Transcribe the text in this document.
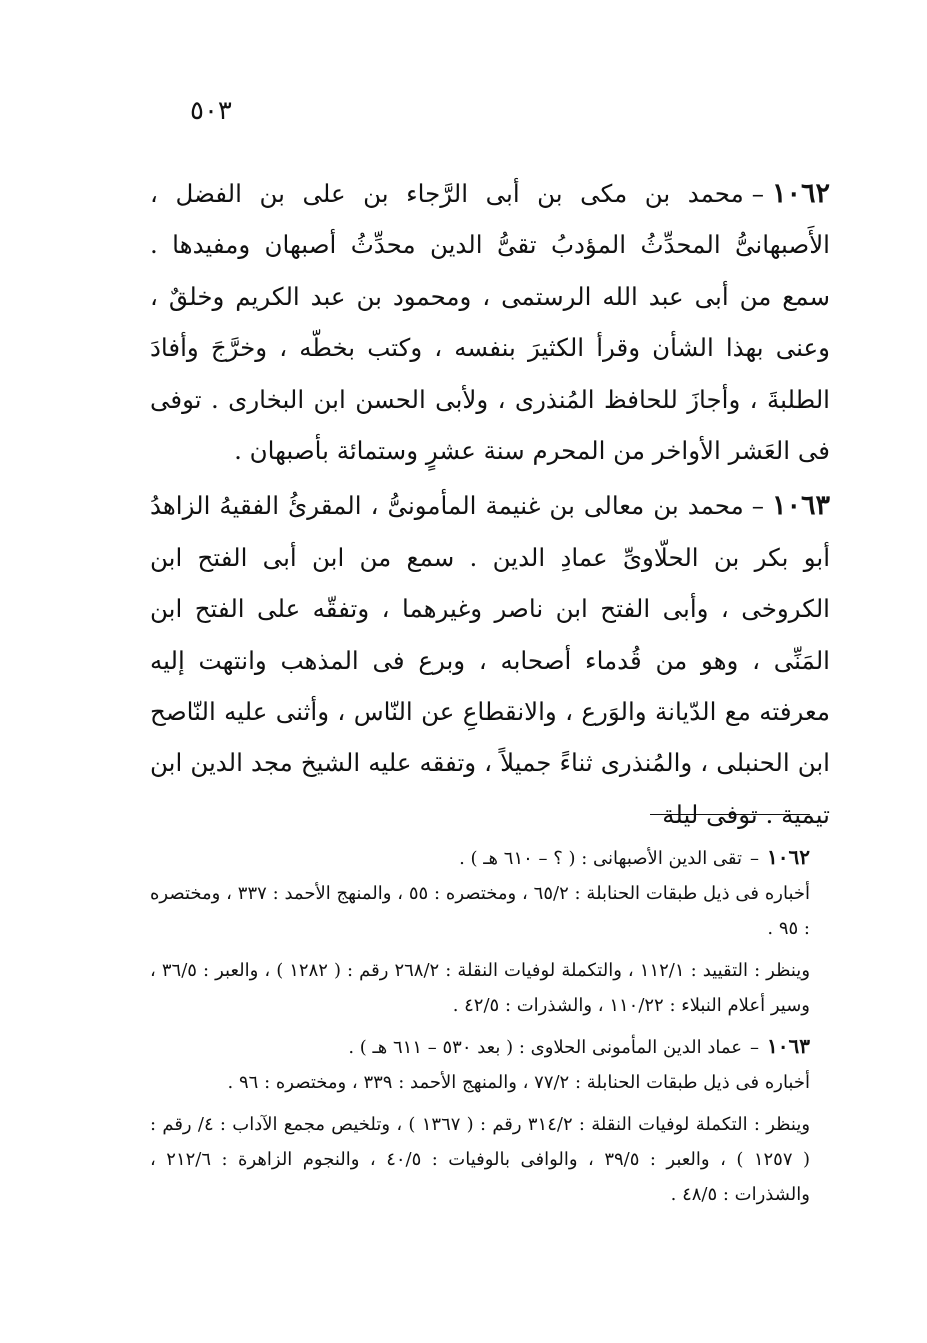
٥٠٣

١٠٦٢–محمد بن مكى بن أبى الرَّجاء بن على بن الفضل ، الأَصبهانىُّ المحدِّثُ المؤدبُ تقىُّ الدين محدِّثُ أصبهان ومفيدها . سمع من أبى عبد الله الرستمى ، ومحمود بن عبد الكريم وخلقٌ ، وعنى بهذا الشأن وقرأ الكثيرَ بنفسه ، وكتب بخطّه ، وخرَّجَ وأفادَ الطلبةَ ، وأجازَ للحافظ المُنذرى ، ولأبى الحسن ابن البخارى . توفى فى العَشر الأواخر من المحرم سنة عشرٍ وستمائة بأصبهان .

١٠٦٣–محمد بن معالى بن غنيمة المأمونىُّ ، المقرئُ الفقيهُ الزاهدُ أبو بكر بن الحلّاوىِّ عمادِ الدين . سمع من ابن أبى الفتح ابن الكروخى ، وأبى الفتح ابن ناصر وغيرهما ، وتفقّه على الفتح ابن المَنِّى ، وهو من قُدماء أصحابه ، وبرع فى المذهب وانتهت إليه معرفته مع الدّيانة والوَرع ، والانقطاعِ عن النّاس ، وأثنى عليه النّاصح ابن الحنبلى ، والمُنذرى ثناءً جميلاً ، وتفقه عليه الشيخ مجد الدين ابن تيمية . توفى ليلة

١٠٦٢–تقى الدين الأصبهانى : ( ؟ – ٦١٠ هـ ) .

أخباره فى ذيل طبقات الحنابلة : ٦٥/٢ ، ومختصره : ٥٥ ، والمنهج الأحمد : ٣٣٧ ، ومختصره : ٩٥ .

وينظر : التقييد : ١١٢/١ ، والتكملة لوفيات النقلة : ٢٦٨/٢ رقم : ( ١٢٨٢ ) ، والعبر : ٣٦/٥ ، وسير أعلام النبلاء : ١١٠/٢٢ ، والشذرات : ٤٢/٥ .

١٠٦٣–عماد الدين المأمونى الحلاوى : ( بعد ٥٣٠ – ٦١١ هـ ) .

أخباره فى ذيل طبقات الحنابلة : ٧٧/٢ ، والمنهج الأحمد : ٣٣٩ ، ومختصره : ٩٦ .

وينظر : التكملة لوفيات النقلة : ٣١٤/٢ رقم : ( ١٣٦٧ ) ، وتلخيص مجمع الآداب : ٤/ رقم : ( ١٢٥٧ ) ، والعبر : ٣٩/٥ ، والوافى بالوفيات : ٤٠/٥ ، والنجوم الزاهرة : ٢١٢/٦ ، والشذرات : ٤٨/٥ .
